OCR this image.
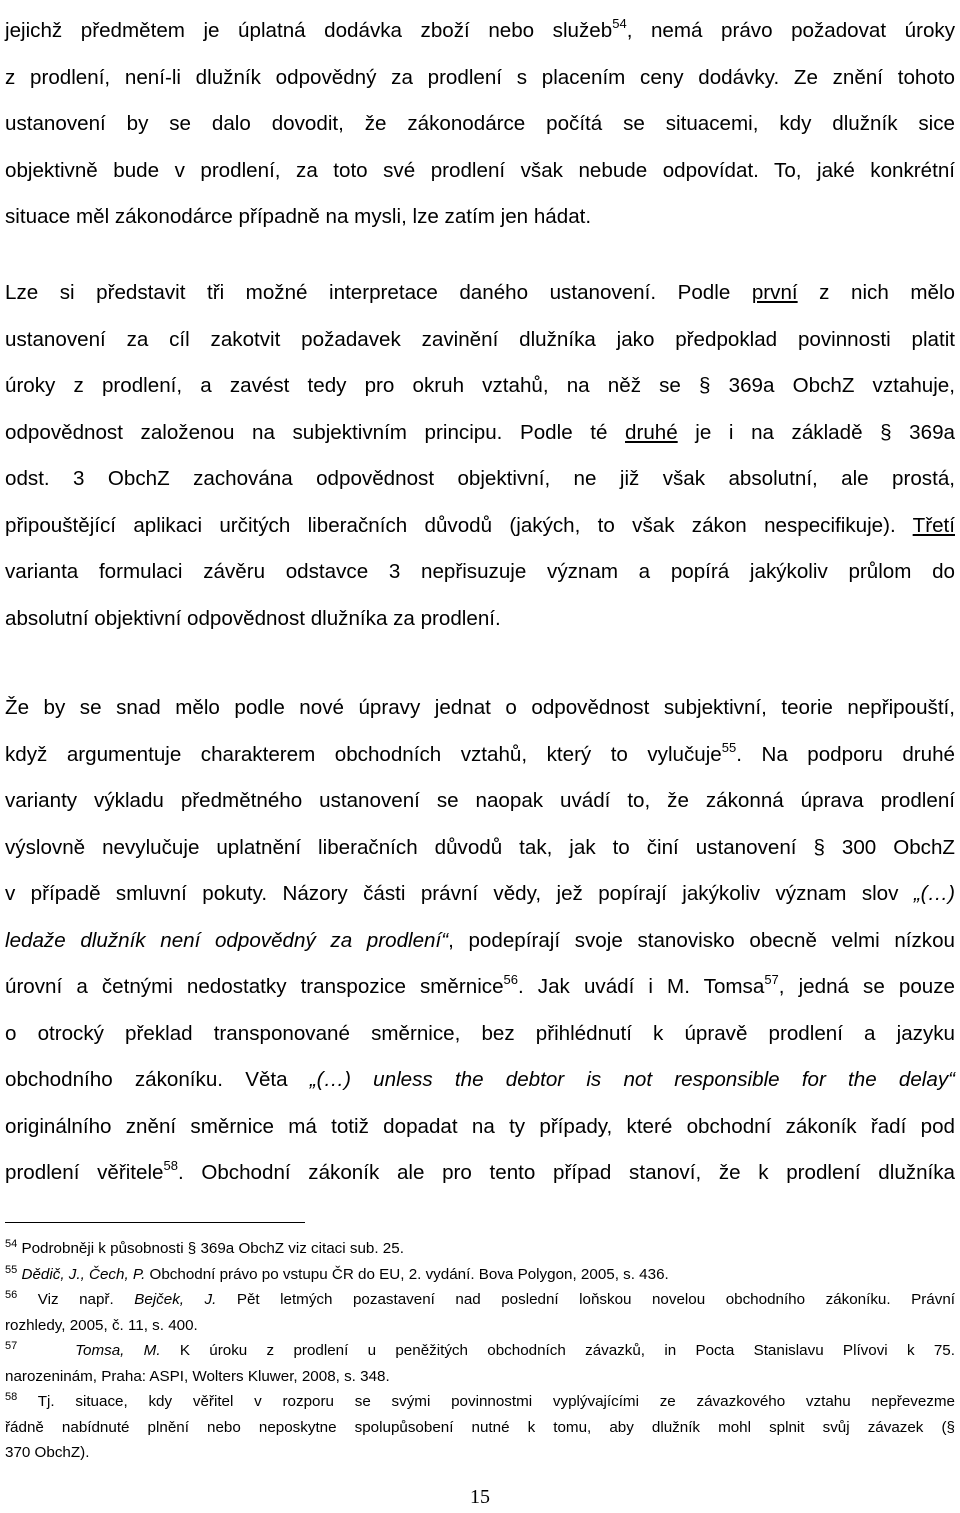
jejichž předmětem je úplatná dodávka zboží nebo služeb$^{54}$, nemá právo požadovat úroky
z prodlení, není-li dlužník odpovědný za prodlení s placením ceny dodávky. Ze znění tohoto
ustanovení by se dalo dovodit, že zákonodárce počítá se situacemi, kdy dlužník sice
objektivně bude v prodlení, za toto své prodlení však nebude odpovídat. To, jaké konkrétní
situace měl zákonodárce případně na mysli, lze zatím jen hádat.
Lze si představit tři možné interpretace daného ustanovení. Podle první z nich mělo
ustanovení za cíl zakotvit požadavek zavinění dlužníka jako předpoklad povinnosti platit
úroky z prodlení, a zavést tedy pro okruh vztahů, na něž se § 369a ObchZ vztahuje,
odpovědnost založenou na subjektivním principu. Podle té druhé je i na základě § 369a
odst. 3 ObchZ zachována odpovědnost objektivní, ne již však absolutní, ale prostá,
připouštějící aplikaci určitých liberačních důvodů (jakých, to však zákon nespecifikuje). Třetí
varianta formulaci závěru odstavce 3 nepřisuzuje význam a popírá jakýkoliv průlom do
absolutní objektivní odpovědnost dlužníka za prodlení.
Že by se snad mělo podle nové úpravy jednat o odpovědnost subjektivní, teorie nepřipouští,
když argumentuje charakterem obchodních vztahů, který to vylučuje$^{55}$. Na podporu druhé
varianty výkladu předmětného ustanovení se naopak uvádí to, že zákonná úprava prodlení
výslovně nevylučuje uplatnění liberačních důvodů tak, jak to činí ustanovení § 300 ObchZ
v případě smluvní pokuty. Názory části právní vědy, jež popírají jakýkoliv význam slov „(…)
ledaže dlužník není odpovědný za prodlení“, podepírají svoje stanovisko obecně velmi nízkou
úrovní a četnými nedostatky transpozice směrnice$^{56}$. Jak uvádí i M. Tomsa$^{57}$, jedná se pouze
o otrocký překlad transponované směrnice, bez přihlédnutí k úpravě prodlení a jazyku
obchodního zákoníku. Věta „(…) unless the debtor is not responsible for the delay“
originálního znění směrnice má totiž dopadat na ty případy, které obchodní zákoník řadí pod
prodlení věřitele$^{58}$. Obchodní zákoník ale pro tento případ stanoví, že k prodlení dlužníka
$^{54}$ Podrobněji k působnosti § 369a ObchZ viz citaci sub. 25.
$^{55}$ Dědič, J., Čech, P. Obchodní právo po vstupu ČR do EU, 2. vydání. Bova Polygon, 2005, s. 436.
$^{56}$ Viz např. Bejček, J. Pět letmých pozastavení nad poslední loňskou novelou obchodního zákoníku. Právní
rozhledy, 2005, č. 11, s. 400.
$^{57}$	Tomsa, M. K úroku z prodlení u peněžitých obchodních závazků, in Pocta Stanislavu Plívovi k 75.
narozeninám, Praha: ASPI, Wolters Kluwer, 2008, s. 348.
$^{58}$ Tj. situace, kdy věřitel v rozporu se svými povinnostmi vyplývajícími ze závazkového vztahu nepřevezme
řádně nabídnuté plnění nebo neposkytne spolupůsobení nutné k tomu, aby dlužník mohl splnit svůj závazek (§
370 ObchZ).
15
